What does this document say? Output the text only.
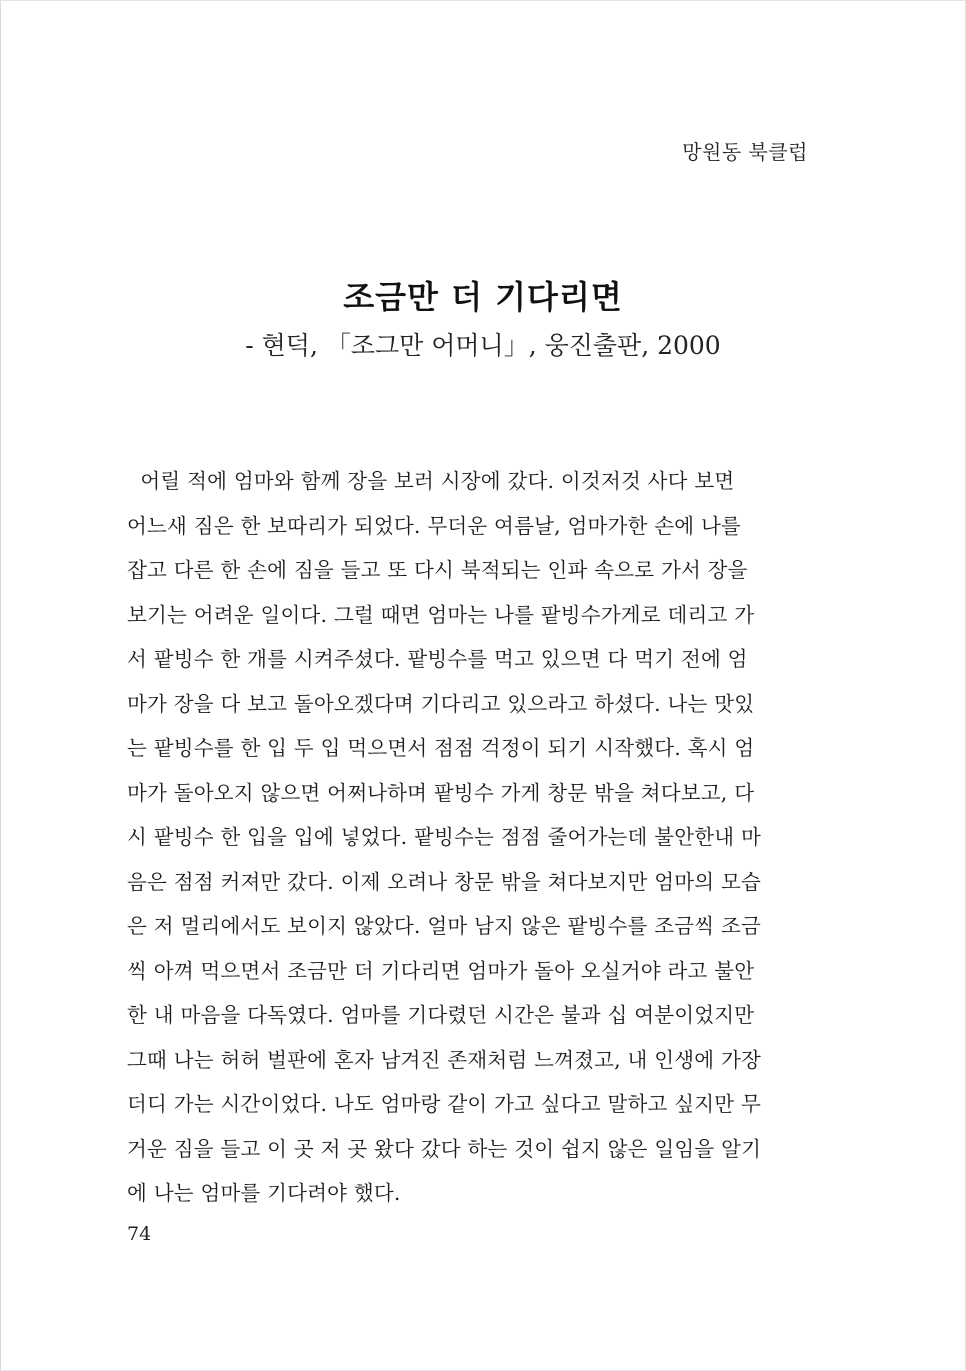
망원동 북클럽
조금만 더 기다리면

- 현덕, 「조그만 어머니」, 웅진출판, 2000

어릴 적에 엄마와 함께 장을 보러 시장에 갔다. 이것저것 사다 보면
어느새 짐은 한 보따리가 되었다. 무더운 여름날, 엄마가한 손에 나를
잡고 다른 한 손에 짐을 들고 또 다시 북적되는 인파 속으로 가서 장을
보기는 어려운 일이다. 그럴 때면 엄마는 나를 팥빙수가게로 데리고 가
서 팥빙수 한 개를 시켜주셨다. 팥빙수를 먹고 있으면 다 먹기 전에 엄
마가 장을 다 보고 돌아오겠다며 기다리고 있으라고 하셨다. 나는 맛있
는 팥빙수를 한 입 두 입 먹으면서 점점 걱정이 되기 시작했다. 혹시 엄
마가 돌아오지 않으면 어쩌나하며 팥빙수 가게 창문 밖을 쳐다보고, 다
시 팥빙수 한 입을 입에 넣었다. 팥빙수는 점점 줄어가는데 불안한내 마
음은 점점 커져만 갔다. 이제 오려나 창문 밖을 쳐다보지만 엄마의 모습
은 저 멀리에서도 보이지 않았다. 얼마 남지 않은 팥빙수를 조금씩 조금
씩 아껴 먹으면서 조금만 더 기다리면 엄마가 돌아 오실거야 라고 불안
한 내 마음을 다독였다. 엄마를 기다렸던 시간은 불과 십 여분이었지만
그때 나는 허허 벌판에 혼자 남겨진 존재처럼 느껴졌고, 내 인생에 가장
더디 가는 시간이었다. 나도 엄마랑 같이 가고 싶다고 말하고 싶지만 무
거운 짐을 들고 이 곳 저 곳 왔다 갔다 하는 것이 쉽지 않은 일임을 알기
에 나는 엄마를 기다려야 했다.
74
